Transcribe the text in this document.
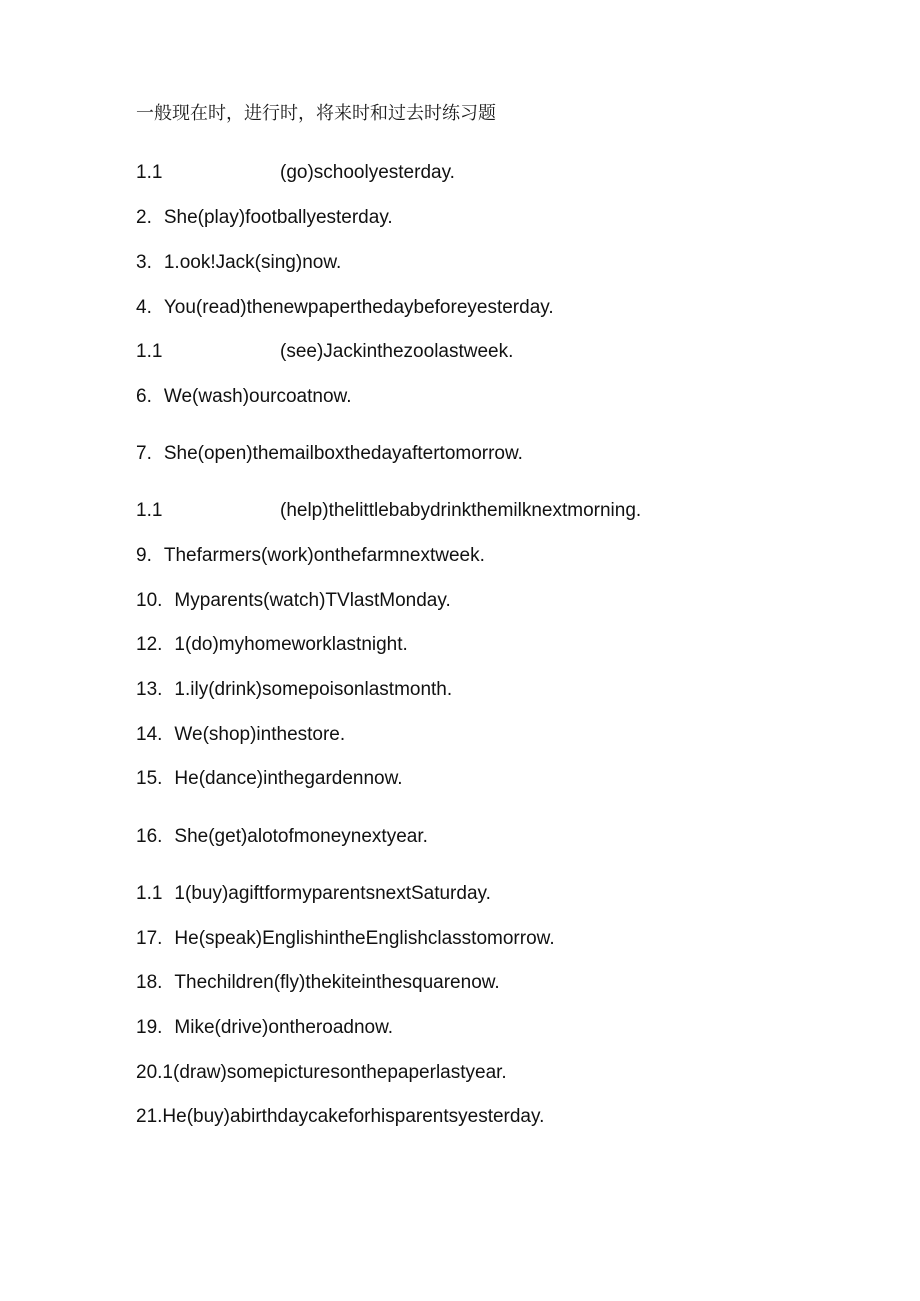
一般现在时，进行时，将来时和过去时练习题
1.1	(go)schoolyesterday.
2. She(play)footballyesterday.
3. 1.ook!Jack(sing)now.
4. You(read)thenewpaperthedaybeforeyesterday.
1.1	(see)Jackinthezoolastweek.
6. We(wash)ourcoatnow.
7. She(open)themailboxthedayaftertomorrow.
1.1	(help)thelittlebabydrinkthemilknextmorning.
9. Thefarmers(work)onthefarmnextweek.
10. Myparents(watch)TVlastMonday.
12. 1(do)myhomeworklastnight.
13. 1.ily(drink)somepoisonlastmonth.
14. We(shop)inthestore.
15. He(dance)inthegardennow.
16. She(get)alotofmoneynextyear.
1.1 1(buy)agiftformyparentsnextSaturday.
17. He(speak)EnglishintheEnglishclasstomorrow.
18. Thechildren(fly)thekiteinthesquarenow.
19. Mike(drive)ontheroadnow.
20.1(draw)somepicturesonthepaperlastyear.
21.He(buy)abirthdaycakeforhisparentsyesterday.
